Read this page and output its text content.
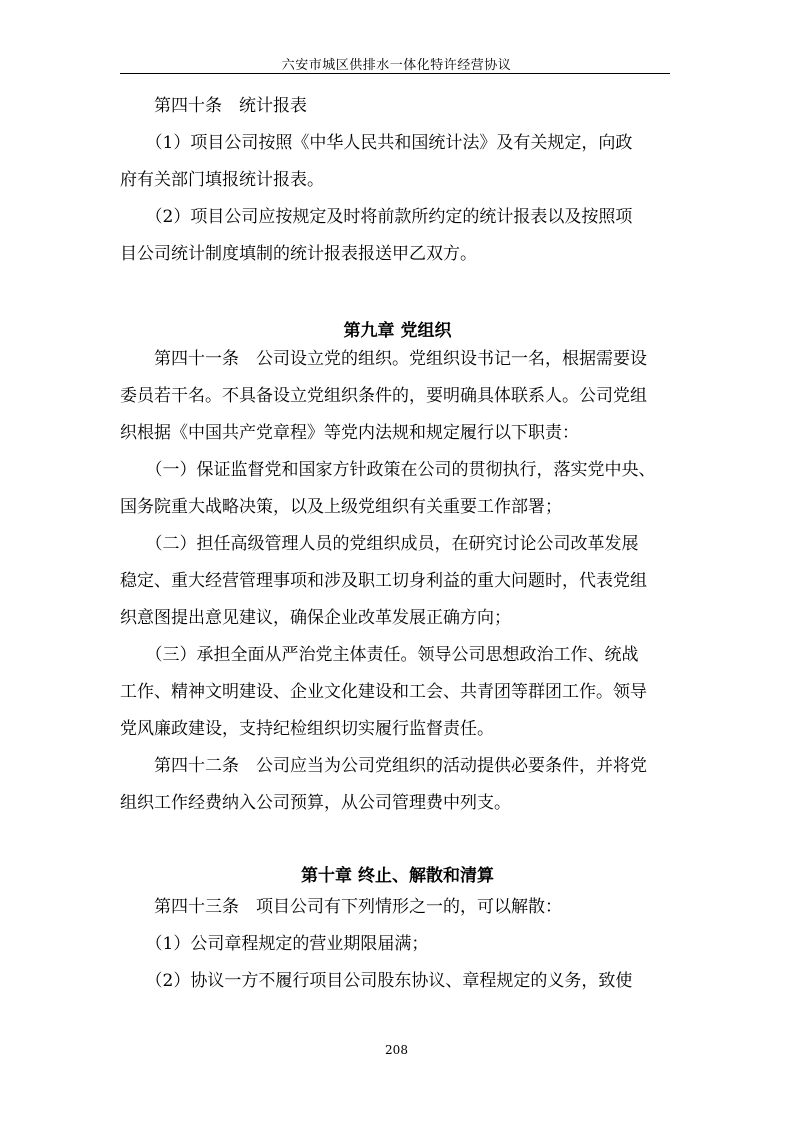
六安市城区供排水一体化特许经营协议
　　第四十条　统计报表
　　（1）项目公司按照《中华人民共和国统计法》及有关规定，向政
府有关部门填报统计报表。
　　（2）项目公司应按规定及时将前款所约定的统计报表以及按照项
目公司统计制度填制的统计报表报送甲乙双方。
第九章 党组织
　　第四十一条　公司设立党的组织。党组织设书记一名，根据需要设
委员若干名。不具备设立党组织条件的，要明确具体联系人。公司党组
织根据《中国共产党章程》等党内法规和规定履行以下职责：
　　（一）保证监督党和国家方针政策在公司的贯彻执行，落实党中央、
国务院重大战略决策，以及上级党组织有关重要工作部署；
　　（二）担任高级管理人员的党组织成员，在研究讨论公司改革发展
稳定、重大经营管理事项和涉及职工切身利益的重大问题时，代表党组
织意图提出意见建议，确保企业改革发展正确方向；
　　（三）承担全面从严治党主体责任。领导公司思想政治工作、统战
工作、精神文明建设、企业文化建设和工会、共青团等群团工作。领导
党风廉政建设，支持纪检组织切实履行监督责任。
　　第四十二条　公司应当为公司党组织的活动提供必要条件，并将党
组织工作经费纳入公司预算，从公司管理费中列支。
第十章 终止、解散和清算
　　第四十三条　项目公司有下列情形之一的，可以解散：
　　（1）公司章程规定的营业期限届满；
　　（2）协议一方不履行项目公司股东协议、章程规定的义务，致使
208
